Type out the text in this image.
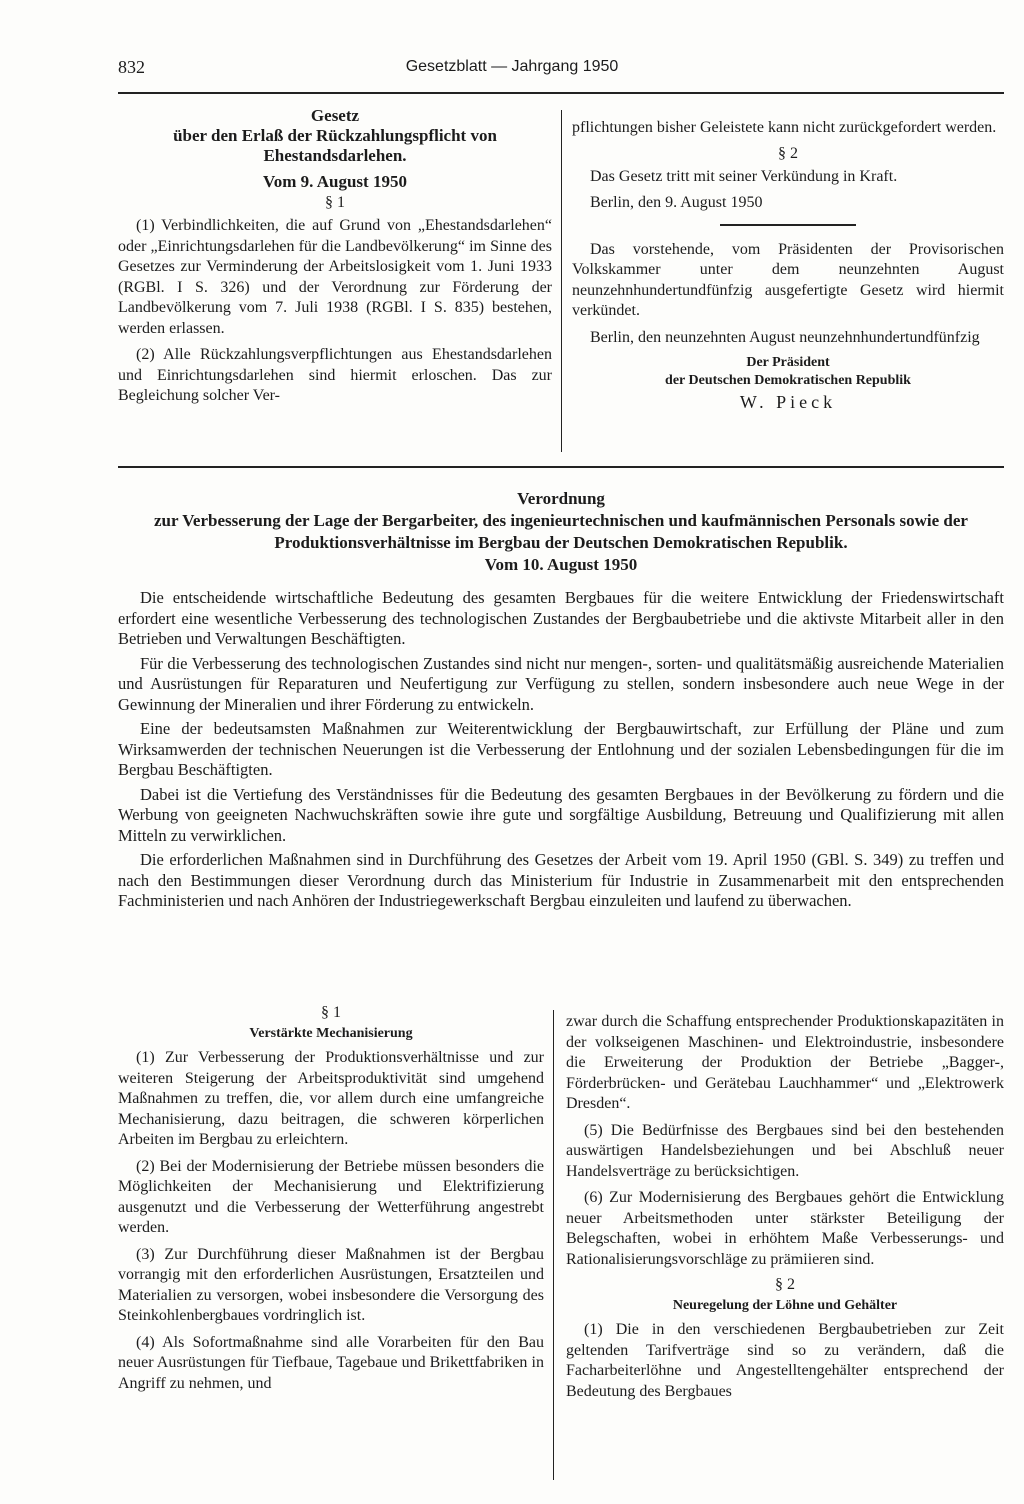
832	Gesetzblatt — Jahrgang 1950
Gesetz
über den Erlaß der Rückzahlungspflicht von Ehestandsdarlehen.
Vom 9. August 1950
§ 1

(1) Verbindlichkeiten, die auf Grund von „Ehestandsdarlehen“ oder „Einrichtungsdarlehen für die Landbevölkerung“ im Sinne des Gesetzes zur Verminderung der Arbeitslosigkeit vom 1. Juni 1933 (RGBl. I S. 326) und der Verordnung zur Förderung der Landbevölkerung vom 7. Juli 1938 (RGBl. I S. 835) bestehen, werden erlassen.

(2) Alle Rückzahlungsverpflichtungen aus Ehestandsdarlehen und Einrichtungsdarlehen sind hiermit erloschen. Das zur Begleichung solcher Ver-

pflichtungen bisher Geleistete kann nicht zurückgefordert werden.

§ 2

Das Gesetz tritt mit seiner Verkündung in Kraft.

Berlin, den 9. August 1950

Das vorstehende, vom Präsidenten der Provisorischen Volkskammer unter dem neunzehnten August neunzehnhundertundfünfzig ausgefertigte Gesetz wird hiermit verkündet.

Berlin, den neunzehnten August neunzehnhundertundfünfzig

Der Präsident
der Deutschen Demokratischen Republik
W. Pieck
Verordnung
zur Verbesserung der Lage der Bergarbeiter, des ingenieurtechnischen und kaufmännischen Personals sowie der Produktionsverhältnisse im Bergbau der Deutschen Demokratischen Republik.
Vom 10. August 1950

Die entscheidende wirtschaftliche Bedeutung des gesamten Bergbaues für die weitere Entwicklung der Friedenswirtschaft erfordert eine wesentliche Verbesserung des technologischen Zustandes der Bergbaubetriebe und die aktivste Mitarbeit aller in den Betrieben und Verwaltungen Beschäftigten.

Für die Verbesserung des technologischen Zustandes sind nicht nur mengen-, sorten- und qualitätsmäßig ausreichende Materialien und Ausrüstungen für Reparaturen und Neufertigung zur Verfügung zu stellen, sondern insbesondere auch neue Wege in der Gewinnung der Mineralien und ihrer Förderung zu entwickeln.

Eine der bedeutsamsten Maßnahmen zur Weiterentwicklung der Bergbauwirtschaft, zur Erfüllung der Pläne und zum Wirksamwerden der technischen Neuerungen ist die Verbesserung der Entlohnung und der sozialen Lebensbedingungen für die im Bergbau Beschäftigten.

Dabei ist die Vertiefung des Verständnisses für die Bedeutung des gesamten Bergbaues in der Bevölkerung zu fördern und die Werbung von geeigneten Nachwuchskräften sowie ihre gute und sorgfältige Ausbildung, Betreuung und Qualifizierung mit allen Mitteln zu verwirklichen.

Die erforderlichen Maßnahmen sind in Durchführung des Gesetzes der Arbeit vom 19. April 1950 (GBl. S. 349) zu treffen und nach den Bestimmungen dieser Verordnung durch das Ministerium für Industrie in Zusammenarbeit mit den entsprechenden Fachministerien und nach Anhören der Industriegewerkschaft Bergbau einzuleiten und laufend zu überwachen.

§ 1
Verstärkte Mechanisierung

(1) Zur Verbesserung der Produktionsverhältnisse und zur weiteren Steigerung der Arbeitsproduktivität sind umgehend Maßnahmen zu treffen, die, vor allem durch eine umfangreiche Mechanisierung, dazu beitragen, die schweren körperlichen Arbeiten im Bergbau zu erleichtern.

(2) Bei der Modernisierung der Betriebe müssen besonders die Möglichkeiten der Mechanisierung und Elektrifizierung ausgenutzt und die Verbesserung der Wetterführung angestrebt werden.

(3) Zur Durchführung dieser Maßnahmen ist der Bergbau vorrangig mit den erforderlichen Ausrüstungen, Ersatzteilen und Materialien zu versorgen, wobei insbesondere die Versorgung des Steinkohlenbergbaues vordringlich ist.

(4) Als Sofortmaßnahme sind alle Vorarbeiten für den Bau neuer Ausrüstungen für Tiefbaue, Tagebaue und Brikettfabriken in Angriff zu nehmen, und

zwar durch die Schaffung entsprechender Produktionskapazitäten in der volkseigenen Maschinen- und Elektroindustrie, insbesondere die Erweiterung der Produktion der Betriebe „Bagger-, Förderbrücken- und Gerätebau Lauchhammer“ und „Elektrowerk Dresden“.

(5) Die Bedürfnisse des Bergbaues sind bei den bestehenden auswärtigen Handelsbeziehungen und bei Abschluß neuer Handelsverträge zu berücksichtigen.

(6) Zur Modernisierung des Bergbaues gehört die Entwicklung neuer Arbeitsmethoden unter stärkster Beteiligung der Belegschaften, wobei in erhöhtem Maße Verbesserungs- und Rationalisierungsvorschläge zu prämiieren sind.

§ 2
Neuregelung der Löhne und Gehälter

(1) Die in den verschiedenen Bergbaubetrieben zur Zeit geltenden Tarifverträge sind so zu verändern, daß die Facharbeiterlöhne und Angestelltengehälter entsprechend der Bedeutung des Bergbaues
